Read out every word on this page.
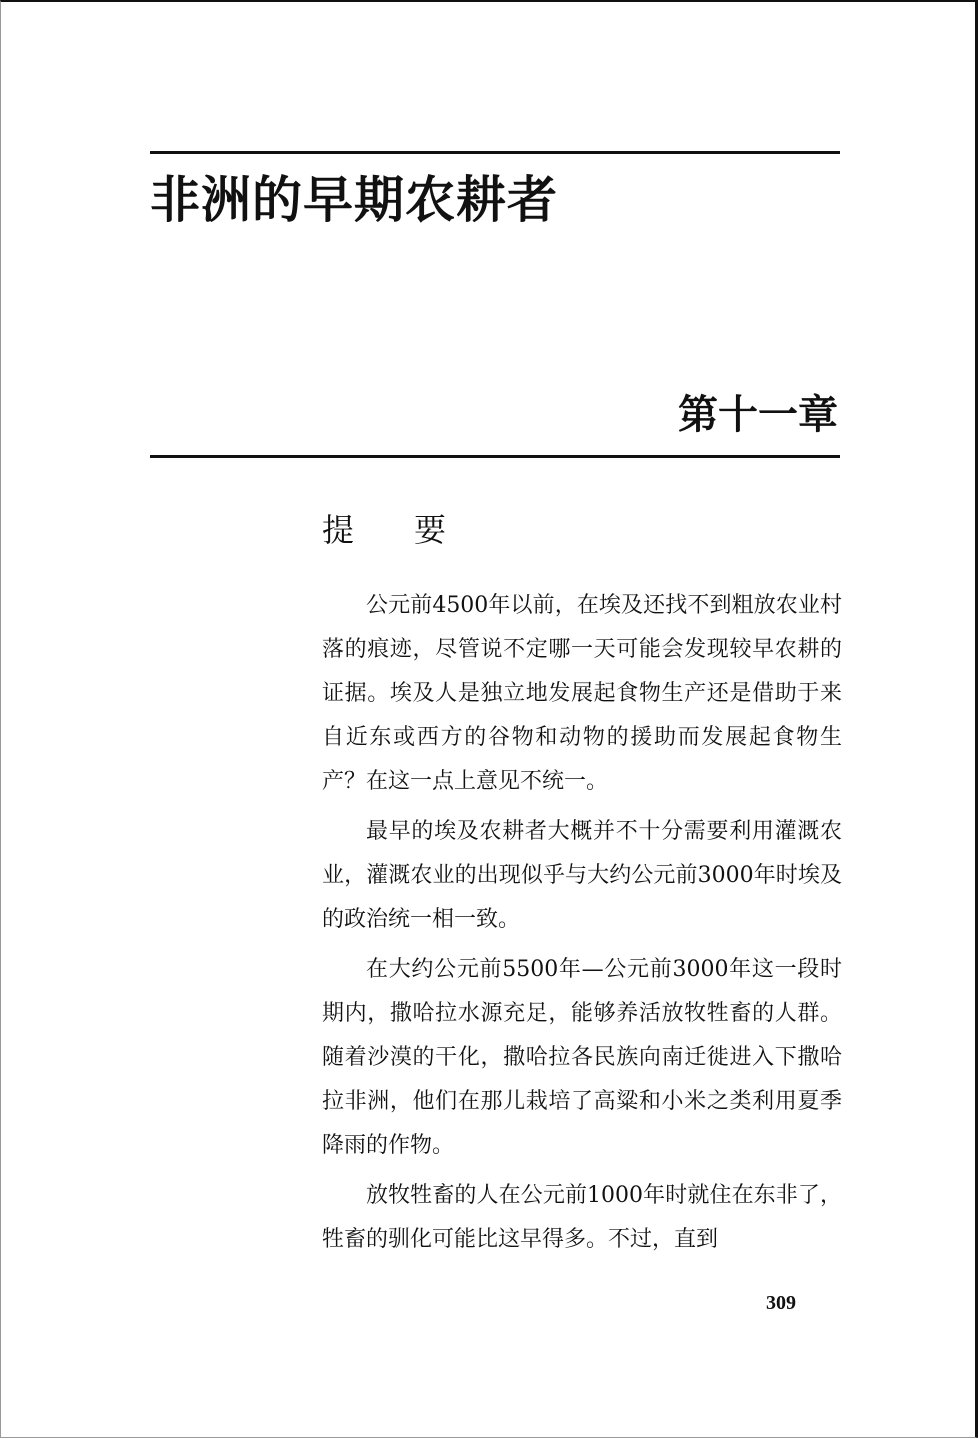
非洲的早期农耕者
第十一章
提要

公元前4500年以前，在埃及还找不到粗放农业村落的痕迹，尽管说不定哪一天可能会发现较早农耕的证据。埃及人是独立地发展起食物生产还是借助于来自近东或西方的谷物和动物的援助而发展起食物生产？在这一点上意见不统一。

最早的埃及农耕者大概并不十分需要利用灌溉农业，灌溉农业的出现似乎与大约公元前3000年时埃及的政治统一相一致。

在大约公元前5500年—公元前3000年这一段时期内，撒哈拉水源充足，能够养活放牧牲畜的人群。随着沙漠的干化，撒哈拉各民族向南迁徙进入下撒哈拉非洲，他们在那儿栽培了高粱和小米之类利用夏季降雨的作物。

放牧牲畜的人在公元前1000年时就住在东非了，牲畜的驯化可能比这早得多。不过，直到

309
